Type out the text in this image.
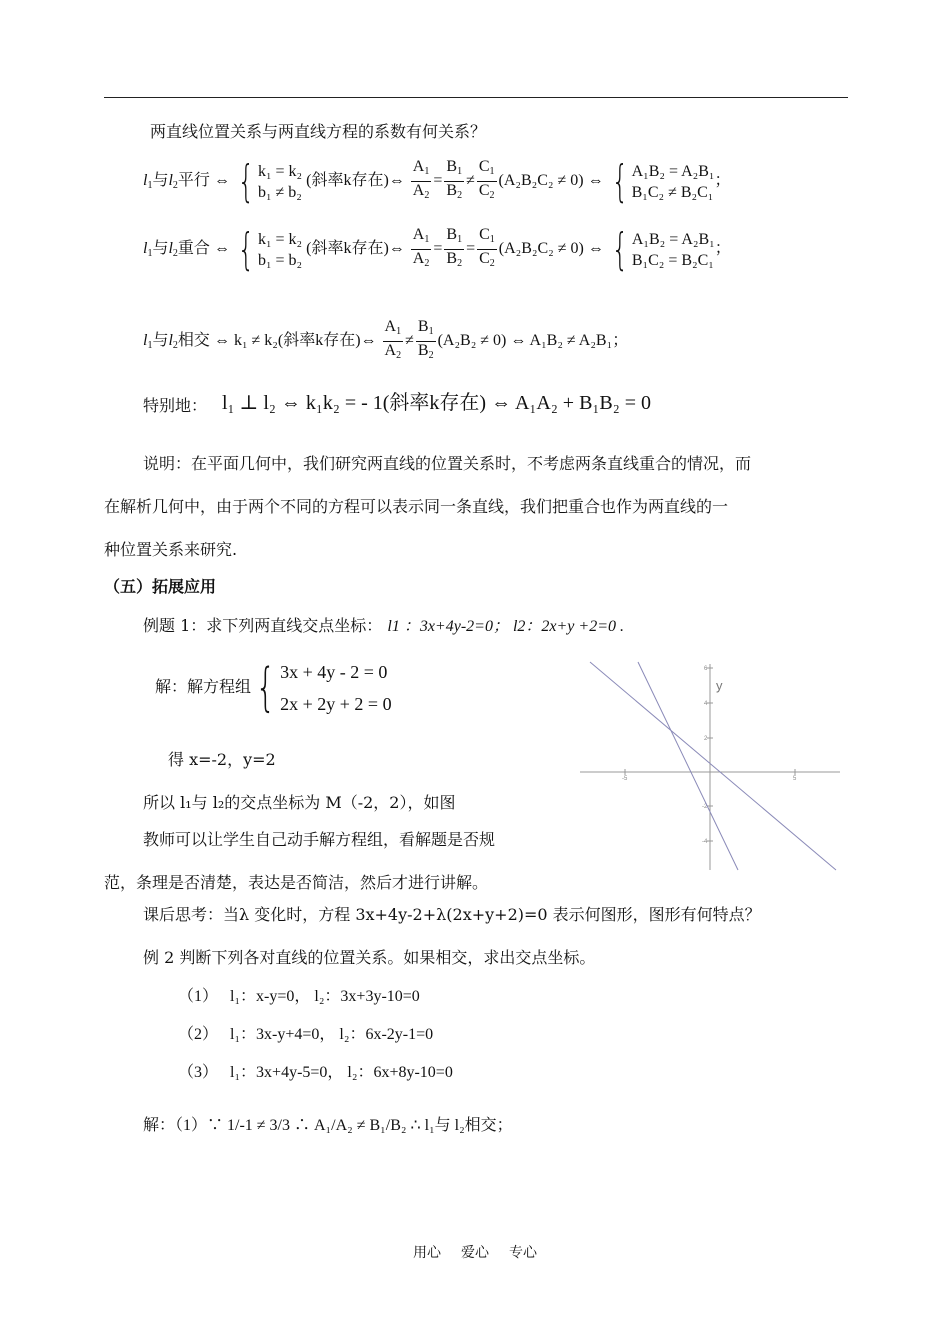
两直线位置关系与两直线方程的系数有何关系？
$l_1$与$l_2$平行 ⇔ { k₁ = k₂
b₁ ≠ b₂
(斜率k存在)⇔ $\frac{A_1}{A_2} = \frac{B_1}{B_2} \ne \frac{C_1}{C_2} (A_2B_2C_2 \ne 0)$ ⇔ { A₁B₂ = A₂B₁
B₁C₂ ≠ B₂C₁
；
$l_1$与$l_2$重合 ⇔ { k₁ = k₂
b₁ = b₂
(斜率k存在)⇔ $\frac{A_1}{A_2} = \frac{B_1}{B_2} = \frac{C_1}{C_2} (A_2B_2C_2 \ne 0)$ ⇔ { A₁B₂ = A₂B₁
B₁C₂ = B₂C₁
；
$l_1$与$l_2$相交 ⇔ k₁ ≠ k₂(斜率k存在)⇔ $\frac{A_1}{A_2} \ne \frac{B_1}{B_2} (A_2B_2 \ne 0)$ ⇔ A₁B₂ ≠ A₂B₁；
特别地： l₁ ⊥ l₂ ⇔ k₁k₂ = - 1(斜率k存在) ⇔ A₁A₂ + B₁B₂ = 0
说明：在平面几何中，我们研究两直线的位置关系时，不考虑两条直线重合的情况，而
在解析几何中，由于两个不同的方程可以表示同一条直线，我们把重合也作为两直线的一
种位置关系来研究.
（五）拓展应用
例题 1：求下列两直线交点坐标： l1 ：3x+4y-2=0； l2：2x+y +2=0 .
解：解方程组{ 3x + 4y - 2 = 0
2x + 2y + 2 = 0
得 x=-2，y=2
所以 l₁与 l₂的交点坐标为 M（-2，2），如图
教师可以让学生自己动手解方程组，看解题是否规
范，条理是否清楚，表达是否简洁，然后才进行讲解。
y
-5	5
6
4
2
-2
-4
课后思考：当λ 变化时，方程 3x+4y-2+λ(2x+y+2)=0 表示何图形，图形有何特点？
例 2 判断下列各对直线的位置关系。如果相交，求出交点坐标。
（1） l₁：x-y=0， l₂：3x+3y-10=0
（2） l₁：3x-y+4=0， l₂：6x-2y-1=0
（3） l₁：3x+4y-5=0， l₂：6x+8y-10=0
解：（1）∵ 1/-1 ≠ 3/3 ∴ A₁/A₂ ≠ B₁/B₂ ∴ l₁与 l₂相交；
用心 爱心 专心
